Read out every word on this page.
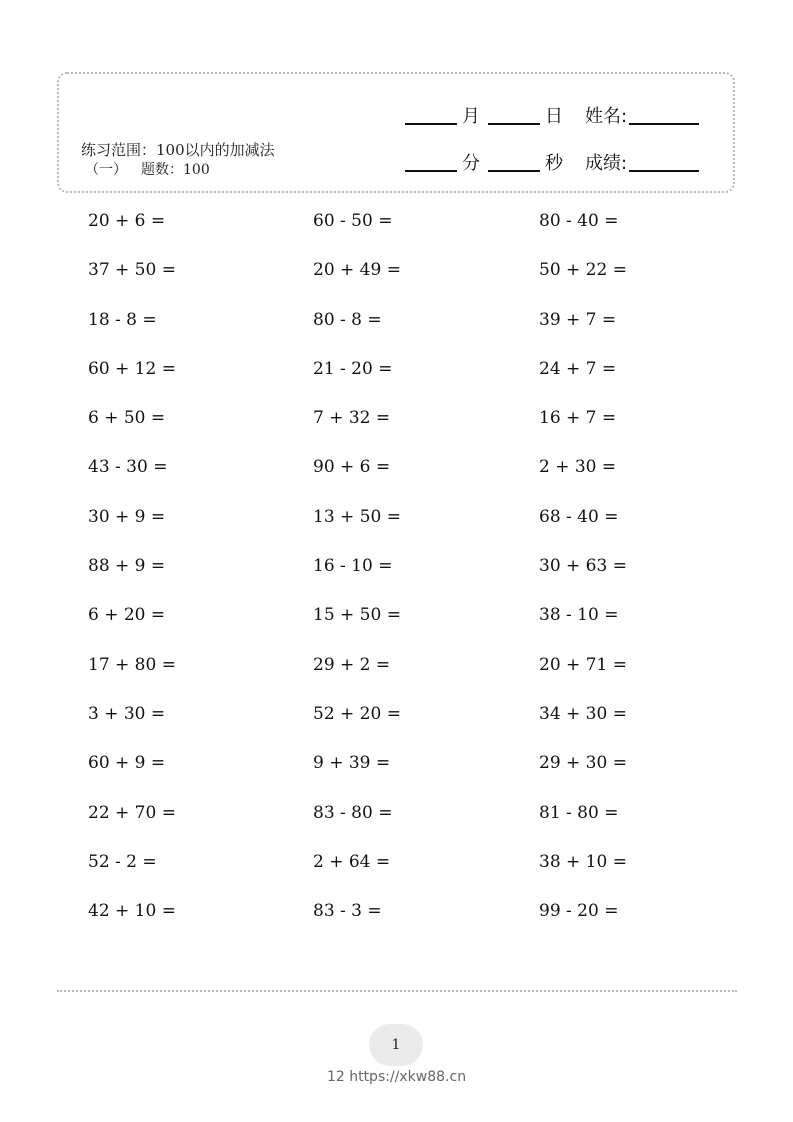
练习范围：100以内的加减法
（一） 题数：100
月	日 姓名:
分	秒 成绩:
20 + 6 =	60 - 50 =	80 - 40 =
37 + 50 =	20 + 49 =	50 + 22 =
18 - 8 =	80 - 8 =	39 + 7 =
60 + 12 =	21 - 20 =	24 + 7 =
6 + 50 =	7 + 32 =	16 + 7 =
43 - 30 =	90 + 6 =	2 + 30 =
30 + 9 =	13 + 50 =	68 - 40 =
88 + 9 =	16 - 10 =	30 + 63 =
6 + 20 =	15 + 50 =	38 - 10 =
17 + 80 =	29 + 2 =	20 + 71 =
3 + 30 =	52 + 20 =	34 + 30 =
60 + 9 =	9 + 39 =	29 + 30 =
22 + 70 =	83 - 80 =	81 - 80 =
52 - 2 =	2 + 64 =	38 + 10 =
42 + 10 =	83 - 3 =	99 - 20 =
1
12 https://xkw88.cn
